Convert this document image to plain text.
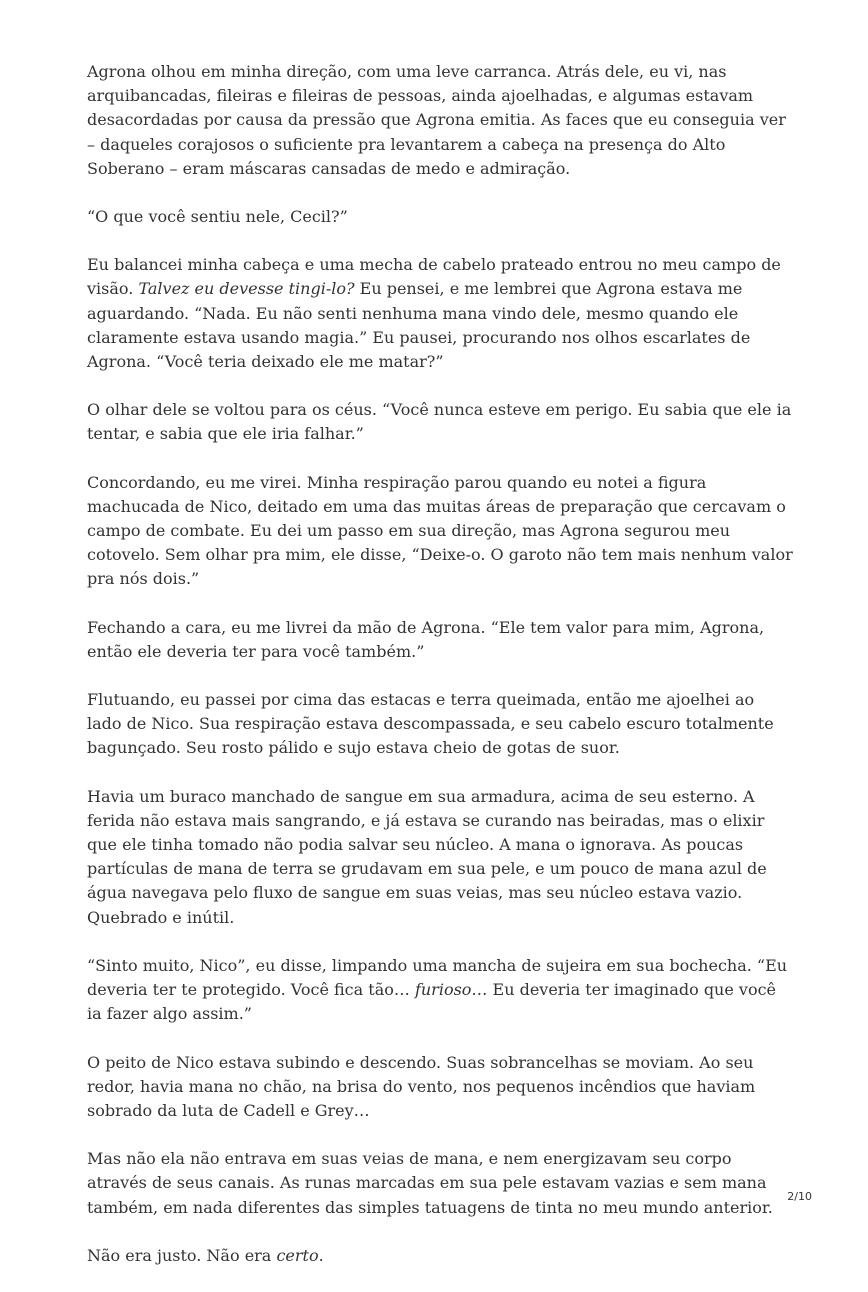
Agrona olhou em minha direção, com uma leve carranca. Atrás dele, eu vi, nas arquibancadas, fileiras e fileiras de pessoas, ainda ajoelhadas, e algumas estavam desacordadas por causa da pressão que Agrona emitia. As faces que eu conseguia ver – daqueles corajosos o suficiente pra levantarem a cabeça na presença do Alto Soberano – eram máscaras cansadas de medo e admiração.

“O que você sentiu nele, Cecil?”

Eu balancei minha cabeça e uma mecha de cabelo prateado entrou no meu campo de visão. Talvez eu devesse tingi-lo? Eu pensei, e me lembrei que Agrona estava me aguardando. “Nada. Eu não senti nenhuma mana vindo dele, mesmo quando ele claramente estava usando magia.” Eu pausei, procurando nos olhos escarlates de Agrona. “Você teria deixado ele me matar?”

O olhar dele se voltou para os céus. “Você nunca esteve em perigo. Eu sabia que ele ia tentar, e sabia que ele iria falhar.”

Concordando, eu me virei. Minha respiração parou quando eu notei a figura machucada de Nico, deitado em uma das muitas áreas de preparação que cercavam o campo de combate. Eu dei um passo em sua direção, mas Agrona segurou meu cotovelo. Sem olhar pra mim, ele disse, “Deixe-o. O garoto não tem mais nenhum valor pra nós dois.”

Fechando a cara, eu me livrei da mão de Agrona. “Ele tem valor para mim, Agrona, então ele deveria ter para você também.”

Flutuando, eu passei por cima das estacas e terra queimada, então me ajoelhei ao lado de Nico. Sua respiração estava descompassada, e seu cabelo escuro totalmente bagunçado. Seu rosto pálido e sujo estava cheio de gotas de suor.

Havia um buraco manchado de sangue em sua armadura, acima de seu esterno. A ferida não estava mais sangrando, e já estava se curando nas beiradas, mas o elixir que ele tinha tomado não podia salvar seu núcleo. A mana o ignorava. As poucas partículas de mana de terra se grudavam em sua pele, e um pouco de mana azul de água navegava pelo fluxo de sangue em suas veias, mas seu núcleo estava vazio. Quebrado e inútil.

“Sinto muito, Nico”, eu disse, limpando uma mancha de sujeira em sua bochecha. “Eu deveria ter te protegido. Você fica tão… furioso… Eu deveria ter imaginado que você ia fazer algo assim.”

O peito de Nico estava subindo e descendo. Suas sobrancelhas se moviam. Ao seu redor, havia mana no chão, na brisa do vento, nos pequenos incêndios que haviam sobrado da luta de Cadell e Grey…

Mas não ela não entrava em suas veias de mana, e nem energizavam seu corpo através de seus canais. As runas marcadas em sua pele estavam vazias e sem mana também, em nada diferentes das simples tatuagens de tinta no meu mundo anterior.

Não era justo. Não era certo.

2/10
